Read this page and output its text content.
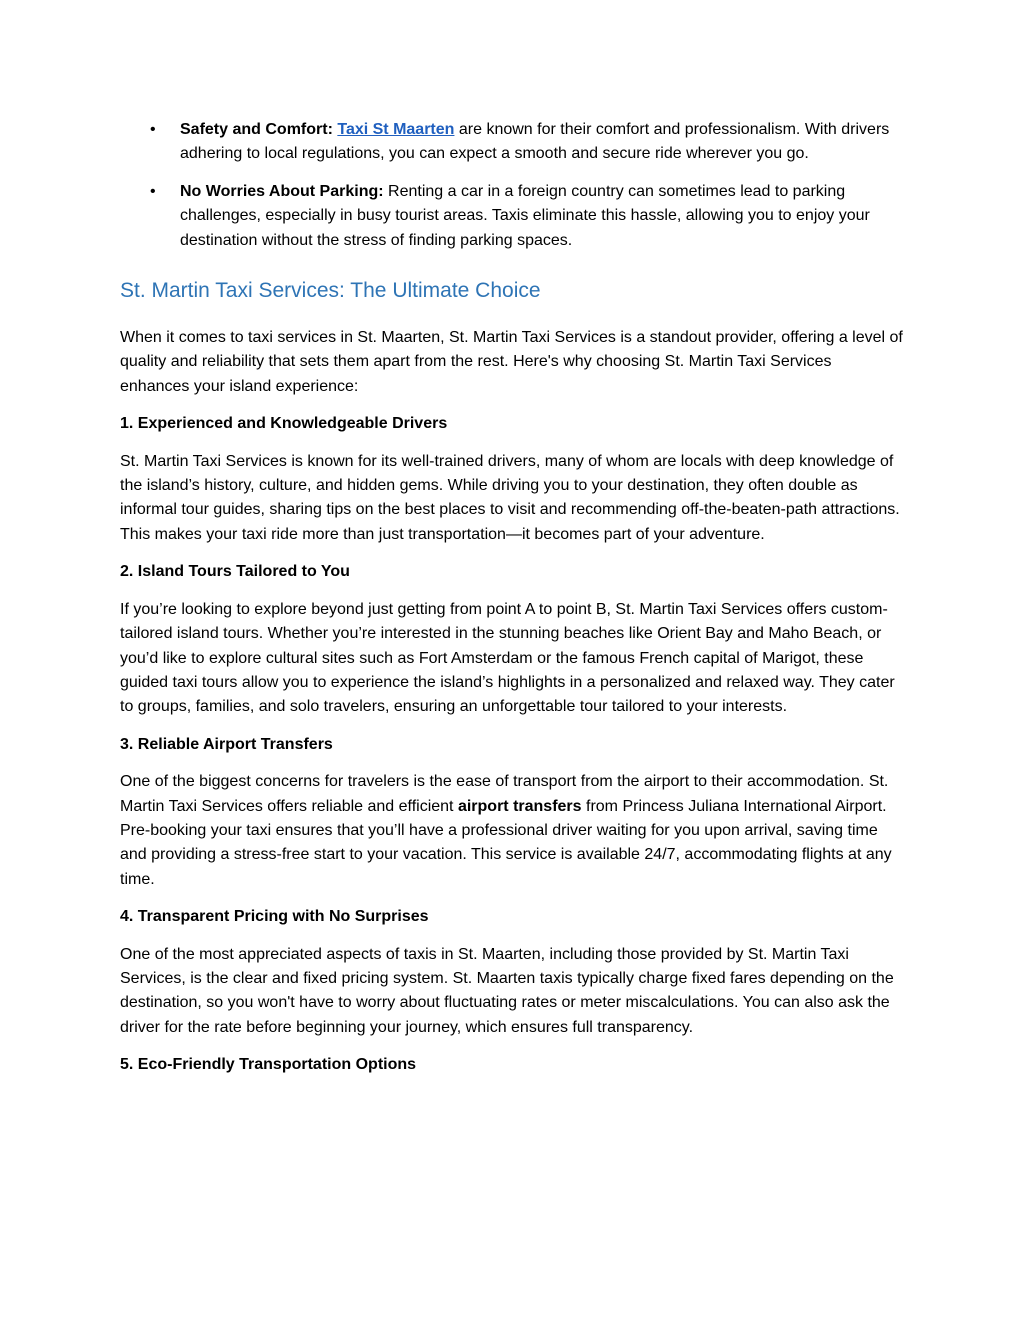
• Safety and Comfort: Taxi St Maarten are known for their comfort and professionalism. With drivers adhering to local regulations, you can expect a smooth and secure ride wherever you go.
• No Worries About Parking: Renting a car in a foreign country can sometimes lead to parking challenges, especially in busy tourist areas. Taxis eliminate this hassle, allowing you to enjoy your destination without the stress of finding parking spaces.
St. Martin Taxi Services: The Ultimate Choice

When it comes to taxi services in St. Maarten, St. Martin Taxi Services is a standout provider, offering a level of quality and reliability that sets them apart from the rest. Here's why choosing St. Martin Taxi Services enhances your island experience:

1. Experienced and Knowledgeable Drivers

St. Martin Taxi Services is known for its well-trained drivers, many of whom are locals with deep knowledge of the island’s history, culture, and hidden gems. While driving you to your destination, they often double as informal tour guides, sharing tips on the best places to visit and recommending off-the-beaten-path attractions. This makes your taxi ride more than just transportation—it becomes part of your adventure.

2. Island Tours Tailored to You

If you’re looking to explore beyond just getting from point A to point B, St. Martin Taxi Services offers custom-tailored island tours. Whether you’re interested in the stunning beaches like Orient Bay and Maho Beach, or you’d like to explore cultural sites such as Fort Amsterdam or the famous French capital of Marigot, these guided taxi tours allow you to experience the island’s highlights in a personalized and relaxed way. They cater to groups, families, and solo travelers, ensuring an unforgettable tour tailored to your interests.

3. Reliable Airport Transfers

One of the biggest concerns for travelers is the ease of transport from the airport to their accommodation. St. Martin Taxi Services offers reliable and efficient airport transfers from Princess Juliana International Airport. Pre-booking your taxi ensures that you’ll have a professional driver waiting for you upon arrival, saving time and providing a stress-free start to your vacation. This service is available 24/7, accommodating flights at any time.

4. Transparent Pricing with No Surprises

One of the most appreciated aspects of taxis in St. Maarten, including those provided by St. Martin Taxi Services, is the clear and fixed pricing system. St. Maarten taxis typically charge fixed fares depending on the destination, so you won't have to worry about fluctuating rates or meter miscalculations. You can also ask the driver for the rate before beginning your journey, which ensures full transparency.

5. Eco-Friendly Transportation Options
